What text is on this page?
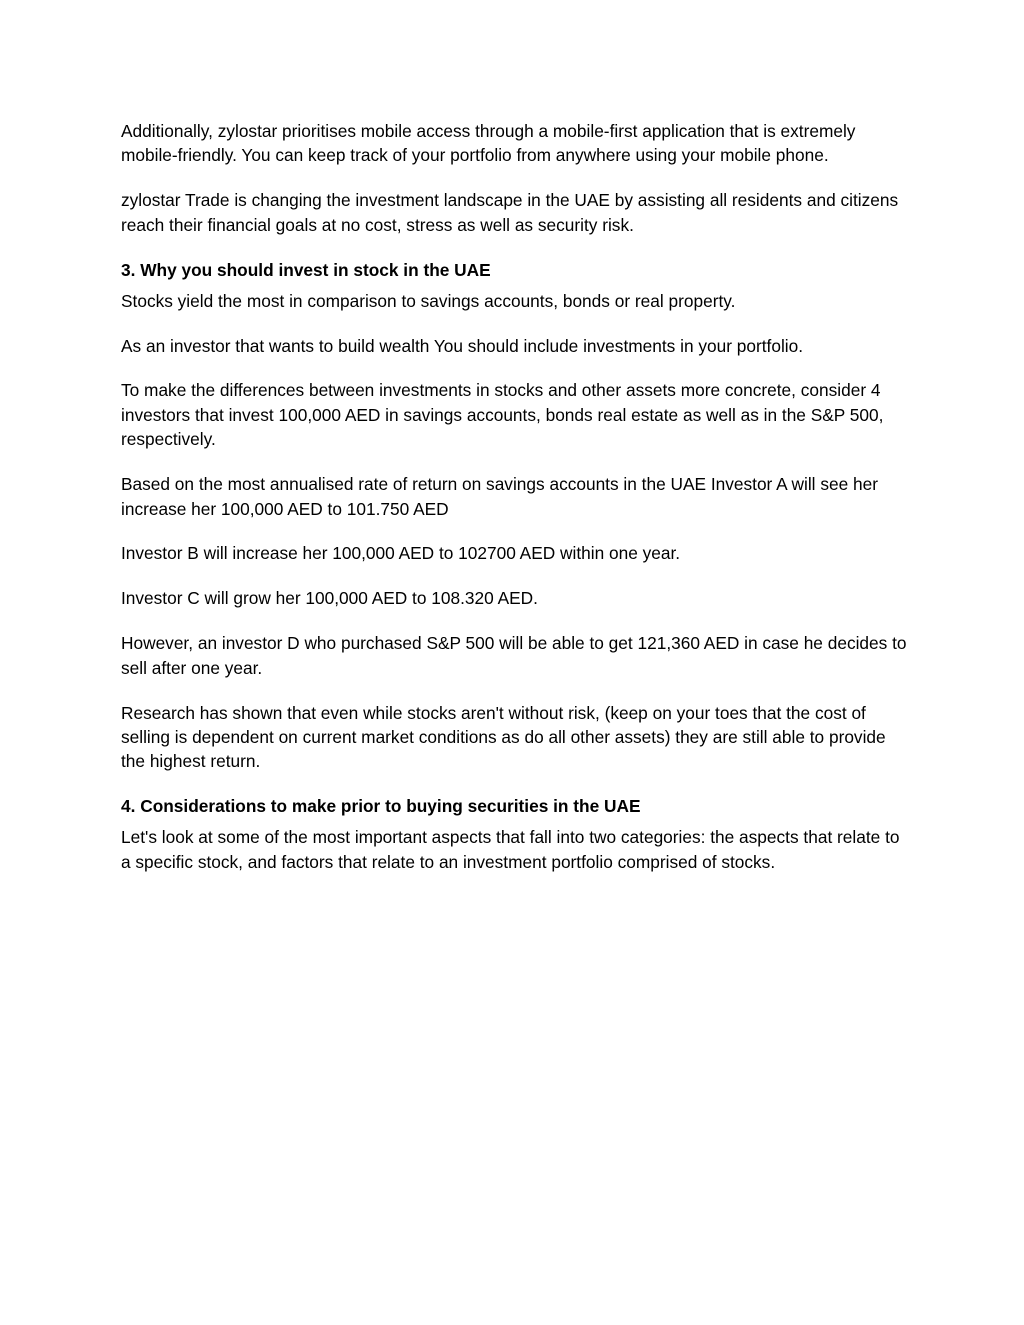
Additionally, zylostar prioritises mobile access through a mobile-first application that is extremely mobile-friendly. You can keep track of your portfolio from anywhere using your mobile phone.

zylostar Trade is changing the investment landscape in the UAE by assisting all residents and citizens reach their financial goals at no cost, stress as well as security risk.

3. Why you should invest in stock in the UAE

Stocks yield the most in comparison to savings accounts, bonds or real property.

As an investor that wants to build wealth You should include investments in your portfolio.

To make the differences between investments in stocks and other assets more concrete, consider 4 investors that invest 100,000 AED in savings accounts, bonds real estate as well as in the S&P 500, respectively.

Based on the most annualised rate of return on savings accounts in the UAE Investor A will see her increase her 100,000 AED to 101.750 AED

Investor B will increase her 100,000 AED to 102700 AED within one year.

Investor C will grow her 100,000 AED to 108.320 AED.

However, an investor D who purchased S&P 500 will be able to get 121,360 AED in case he decides to sell after one year.

Research has shown that even while stocks aren't without risk, (keep on your toes that the cost of selling is dependent on current market conditions as do all other assets) they are still able to provide the highest return.

4. Considerations to make prior to buying securities in the UAE

Let's look at some of the most important aspects that fall into two categories: the aspects that relate to a specific stock, and factors that relate to an investment portfolio comprised of stocks.
